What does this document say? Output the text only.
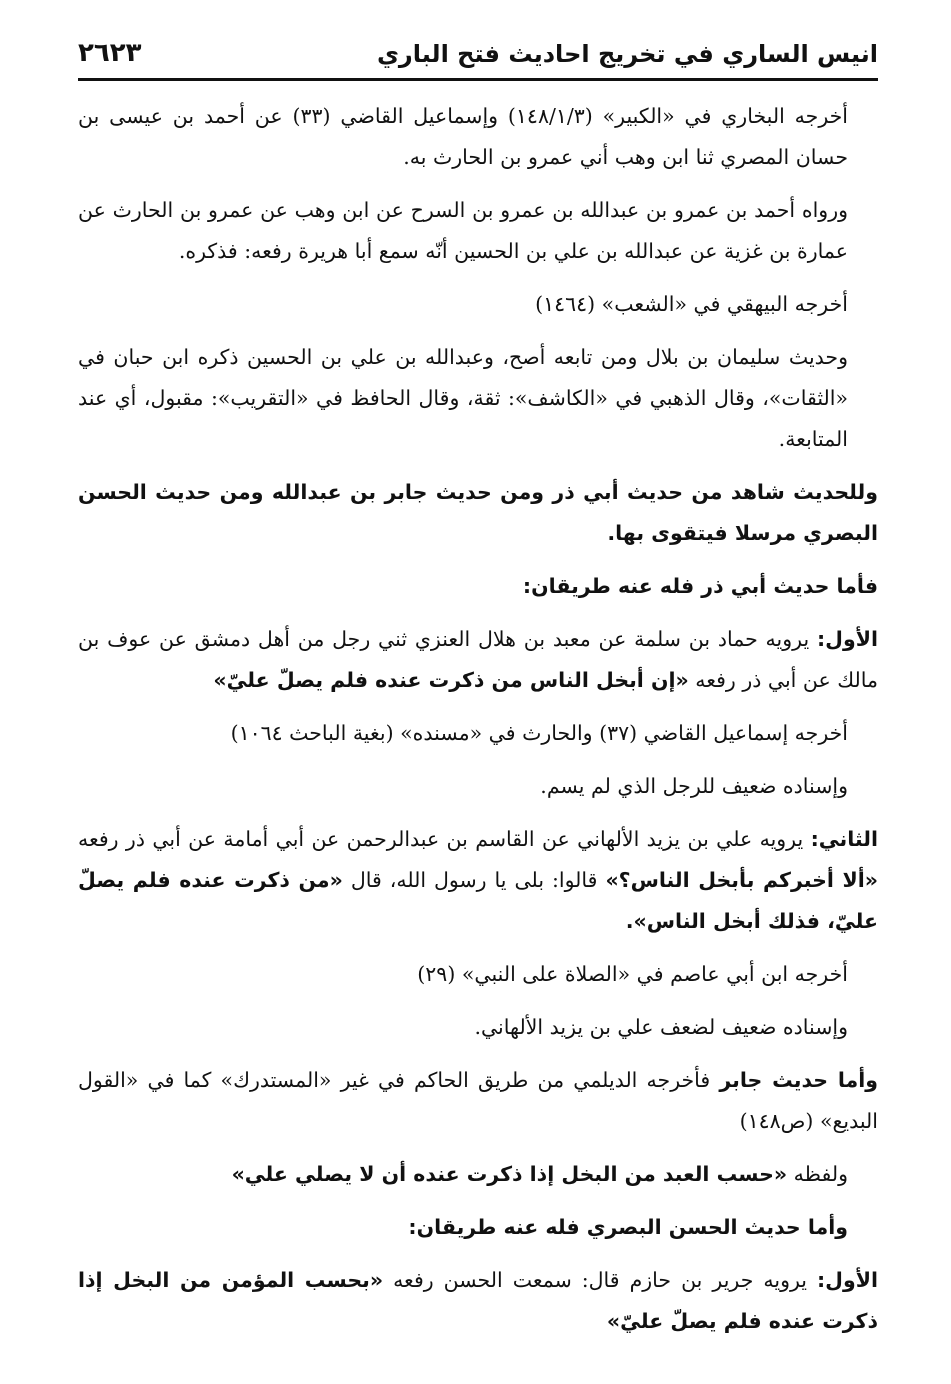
انيس الساري في تخريج احاديث فتح الباري
٢٦٢٣

أخرجه البخاري في «الكبير» (١٤٨/١/٣) وإسماعيل القاضي (٣٣) عن أحمد بن عيسى بن حسان المصري ثنا ابن وهب أني عمرو بن الحارث به.

ورواه أحمد بن عمرو بن عبدالله بن عمرو بن السرح عن ابن وهب عن عمرو بن الحارث عن عمارة بن غزية عن عبدالله بن علي بن الحسين أنّه سمع أبا هريرة رفعه: فذكره.

أخرجه البيهقي في «الشعب» (١٤٦٤)

وحديث سليمان بن بلال ومن تابعه أصح، وعبدالله بن علي بن الحسين ذكره ابن حبان في «الثقات»، وقال الذهبي في «الكاشف»: ثقة، وقال الحافظ في «التقريب»: مقبول، أي عند المتابعة.

وللحديث شاهد من حديث أبي ذر ومن حديث جابر بن عبدالله ومن حديث الحسن البصري مرسلا فيتقوى بها.

فأما حديث أبي ذر فله عنه طريقان:

الأول: يرويه حماد بن سلمة عن معبد بن هلال العنزي ثني رجل من أهل دمشق عن عوف بن مالك عن أبي ذر رفعه «إن أبخل الناس من ذكرت عنده فلم يصلّ عليّ»

أخرجه إسماعيل القاضي (٣٧) والحارث في «مسنده» (بغية الباحث ١٠٦٤)

وإسناده ضعيف للرجل الذي لم يسم.

الثاني: يرويه علي بن يزيد الألهاني عن القاسم بن عبدالرحمن عن أبي أمامة عن أبي ذر رفعه «ألا أخبركم بأبخل الناس؟» قالوا: بلى يا رسول الله، قال «من ذكرت عنده فلم يصلّ عليّ، فذلك أبخل الناس».

أخرجه ابن أبي عاصم في «الصلاة على النبي» (٢٩)

وإسناده ضعيف لضعف علي بن يزيد الألهاني.

وأما حديث جابر فأخرجه الديلمي من طريق الحاكم في غير «المستدرك» كما في «القول البديع» (ص١٤٨)

ولفظه «حسب العبد من البخل إذا ذكرت عنده أن لا يصلي علي»

وأما حديث الحسن البصري فله عنه طريقان:

الأول: يرويه جرير بن حازم قال: سمعت الحسن رفعه «بحسب المؤمن من البخل إذا ذكرت عنده فلم يصلّ عليّ»
